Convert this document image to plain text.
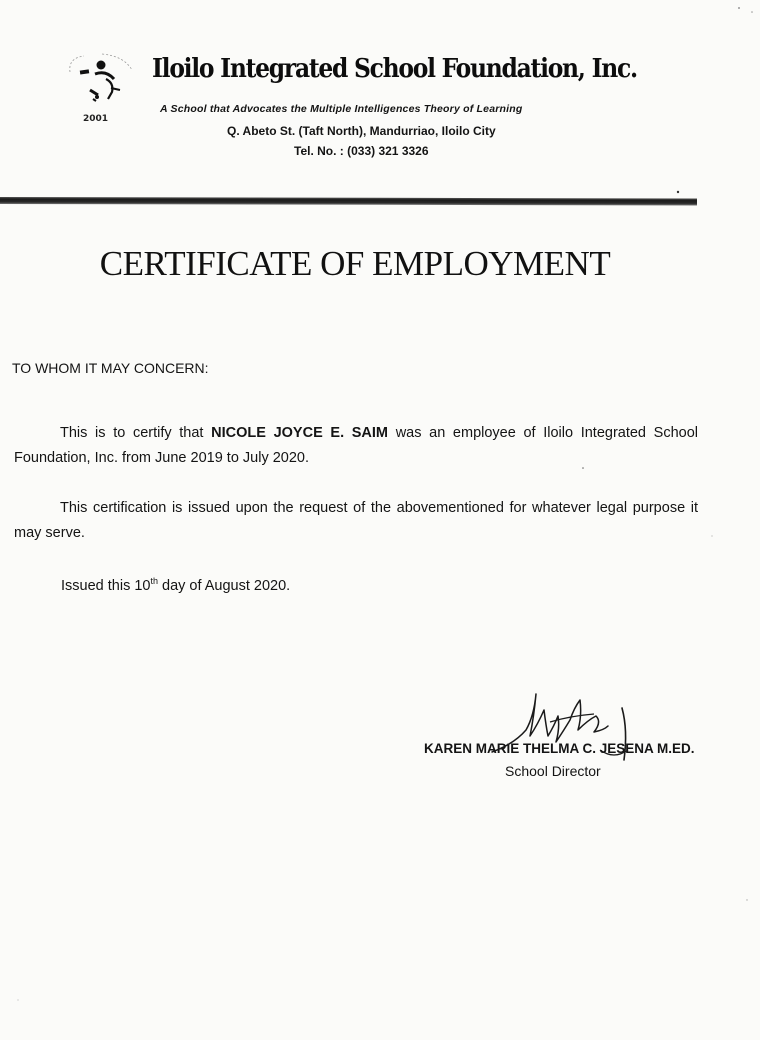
2001
Iloilo Integrated School Foundation, Inc.
A School that Advocates the Multiple Intelligences Theory of Learning
Q. Abeto St. (Taft North), Mandurriao, Iloilo City
Tel. No. : (033) 321 3326
CERTIFICATE OF EMPLOYMENT
TO WHOM IT MAY CONCERN:

This is to certify that NICOLE JOYCE E. SAIM was an employee of Iloilo Integrated School Foundation, Inc. from June 2019 to July 2020.

This certification is issued upon the request of the abovementioned for whatever legal purpose it may serve.

Issued this 10th day of August 2020.
KAREN MARIE THELMA C. JESENA M.ED.
School Director
